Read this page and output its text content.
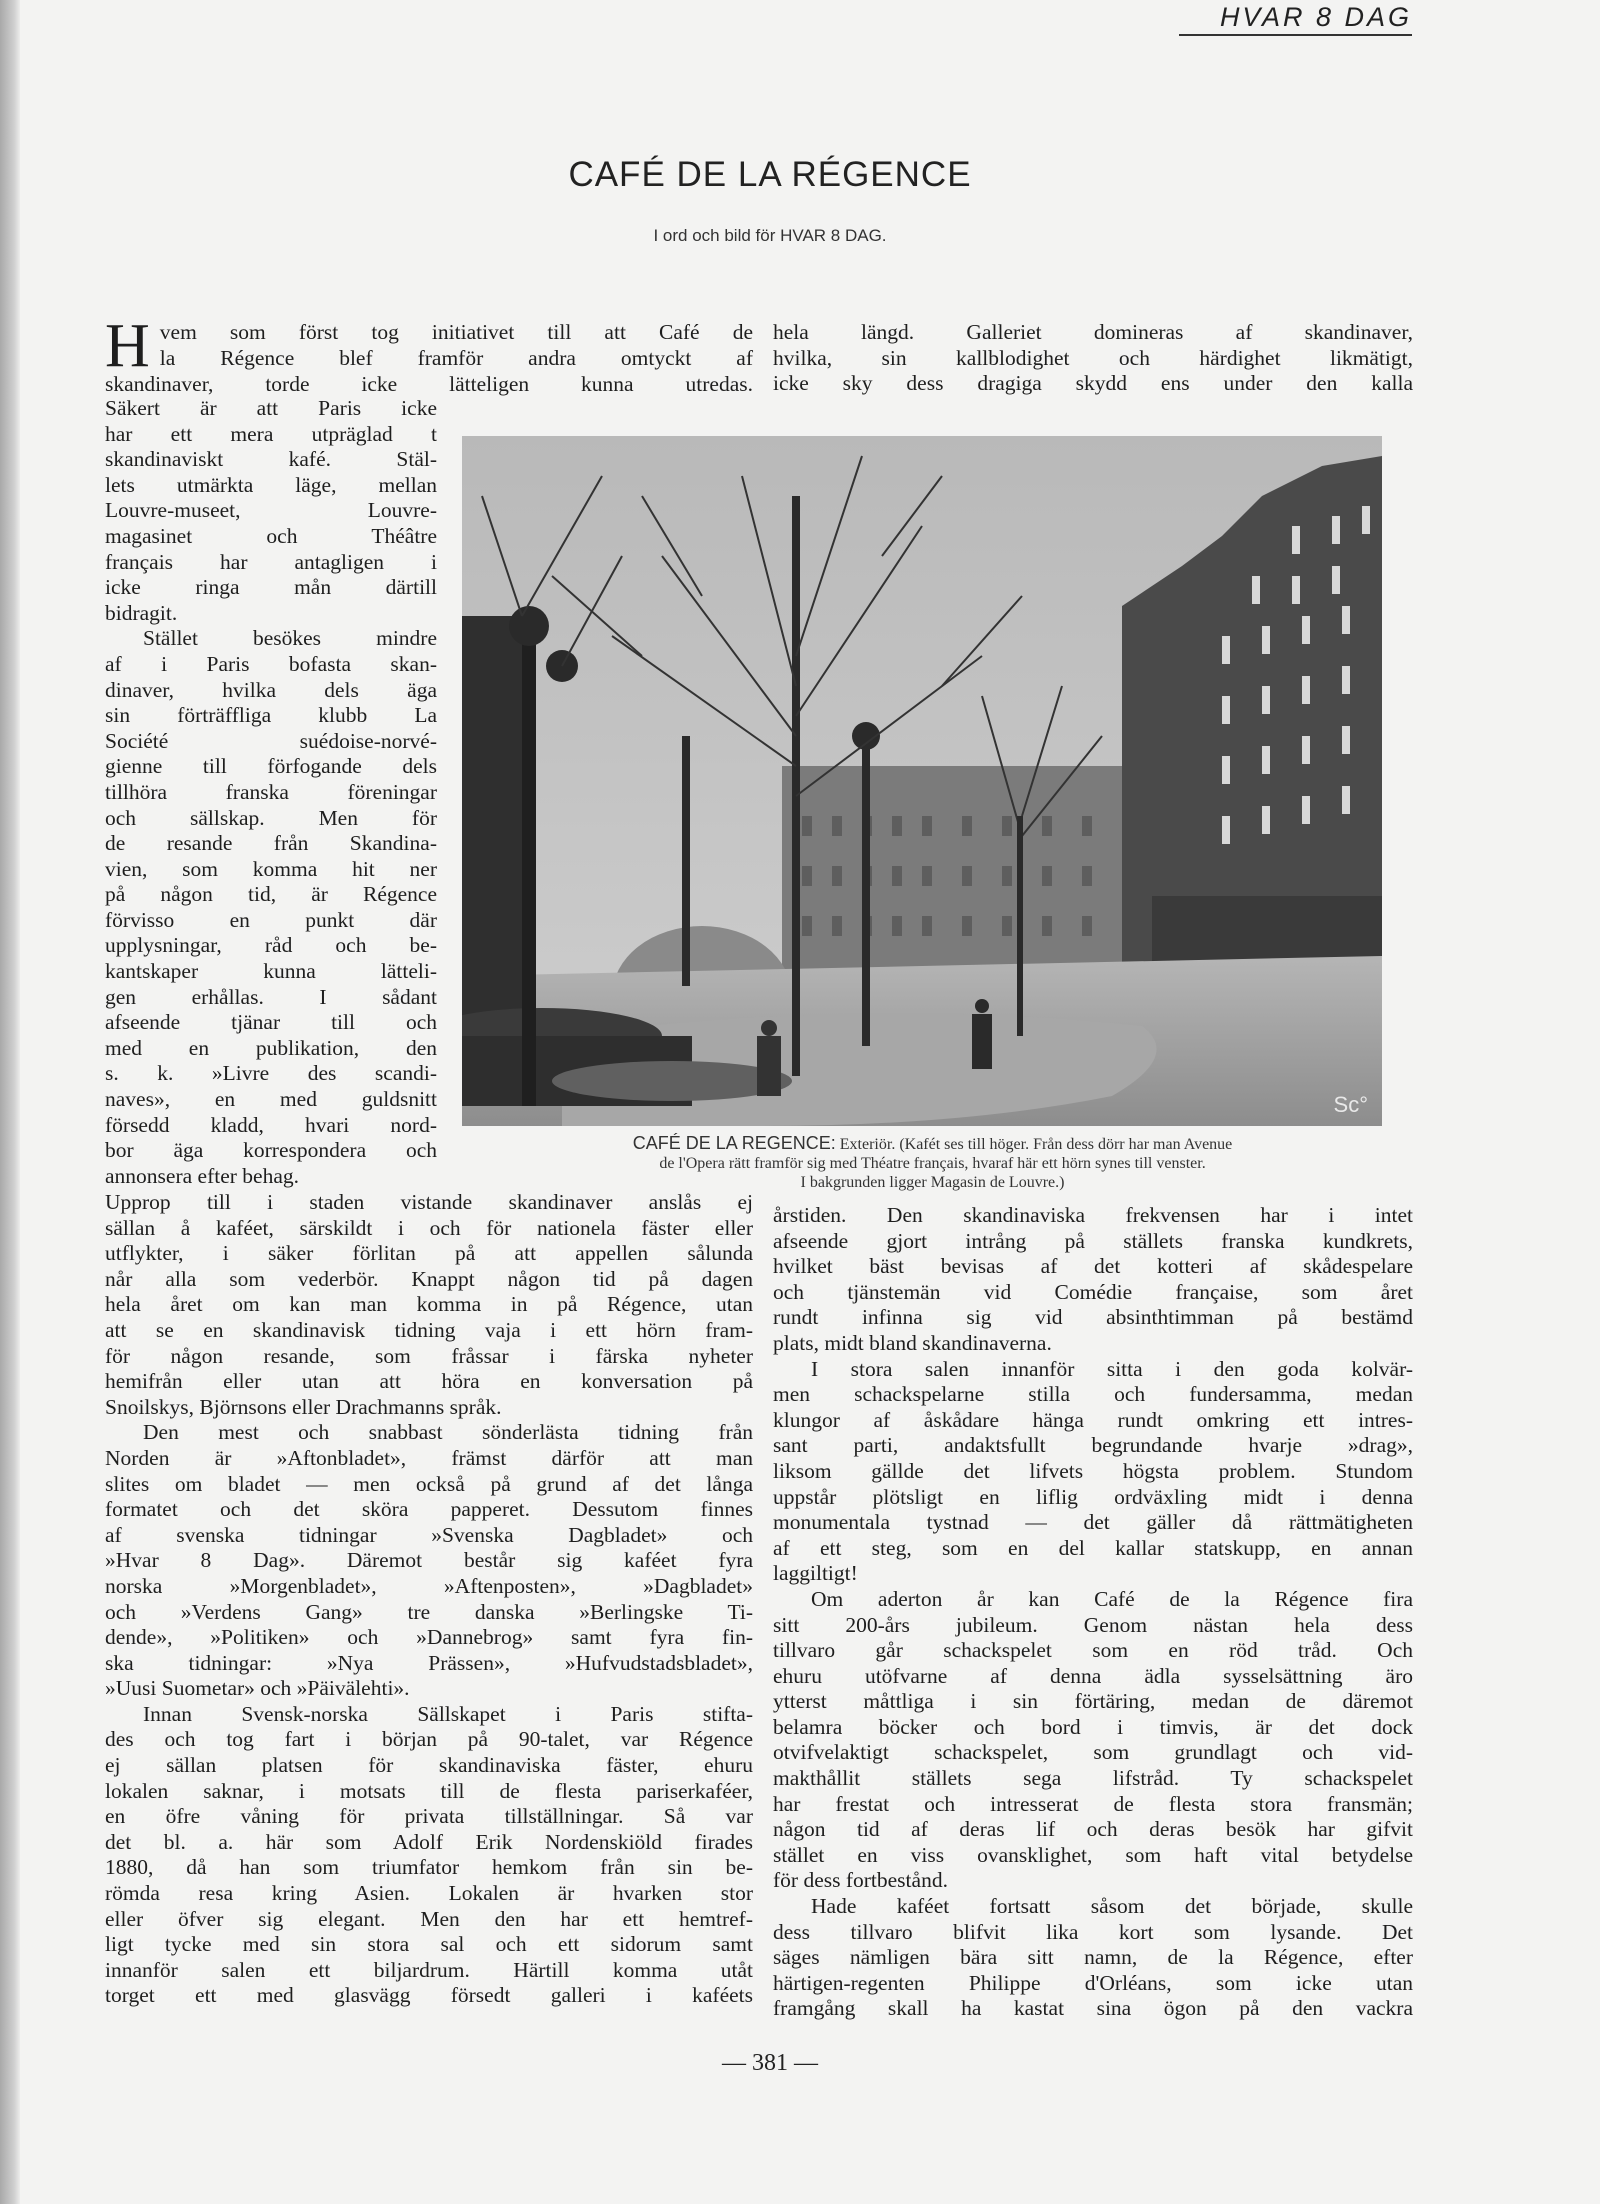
HVAR 8 DAG
CAFÉ DE LA RÉGENCE
I ord och bild för HVAR 8 DAG.
H vem som först tog initiativet till att Café de
la Régence blef framför andra omtyckt af
skandinaver, torde icke lätteligen kunna utredas.
Säkert är att Paris icke
har ett mera utpräglad t
skandinaviskt kafé. Stäl-
lets utmärkta läge, mellan
Louvre-museet, Louvre-
magasinet och Théâtre
français har antagligen i
icke ringa mån därtill
bidragit.
Stället besökes mindre
af i Paris bofasta skan-
dinaver, hvilka dels äga
sin förträffliga klubb La
Société suédoise-norvé-
gienne till förfogande dels
tillhöra franska föreningar
och sällskap. Men för
de resande från Skandina-
vien, som komma hit ner
på någon tid, är Régence
förvisso en punkt där
upplysningar, råd och be-
kantskaper kunna lätteli-
gen erhållas. I sådant
afseende tjänar till och
med en publikation, den
s. k. »Livre des scandi-
naves», en med guldsnitt
försedd kladd, hvari nord-
bor äga korrespondera och
annonsera efter behag.
Sc°
CAFÉ DE LA REGENCE: Exteriör. (Kafét ses till höger. Från dess dörr har man Avenue
de l'Opera rätt framför sig med Théatre français, hvaraf här ett hörn synes till venster.
I bakgrunden ligger Magasin de Louvre.)
Upprop till i staden vistande skandinaver anslås ej
sällan å kaféet, särskildt i och för nationela fäster eller
utflykter, i säker förlitan på att appellen sålunda
når alla som vederbör. Knappt någon tid på dagen
hela året om kan man komma in på Régence, utan
att se en skandinavisk tidning vaja i ett hörn fram-
för någon resande, som fråssar i färska nyheter
hemifrån eller utan att höra en konversation på
Snoilskys, Björnsons eller Drachmanns språk.
Den mest och snabbast sönderlästa tidning från
Norden är »Aftonbladet», främst därför att man
slites om bladet — men också på grund af det långa
formatet och det sköra papperet. Dessutom finnes
af svenska tidningar »Svenska Dagbladet» och
»Hvar 8 Dag». Däremot består sig kaféet fyra
norska »Morgenbladet», »Aftenposten», »Dagbladet»
och »Verdens Gang» tre danska »Berlingske Ti-
dende», »Politiken» och »Dannebrog» samt fyra fin-
ska tidningar: »Nya Prässen», »Hufvudstadsbladet»,
»Uusi Suometar» och »Päivälehti».
Innan Svensk-norska Sällskapet i Paris stifta-
des och tog fart i början på 90-talet, var Régence
ej sällan platsen för skandinaviska fäster, ehuru
lokalen saknar, i motsats till de flesta pariserkaféer,
en öfre våning för privata tillställningar. Så var
det bl. a. här som Adolf Erik Nordenskiöld firades
1880, då han som triumfator hemkom från sin be-
römda resa kring Asien. Lokalen är hvarken stor
eller öfver sig elegant. Men den har ett hemtref-
ligt tycke med sin stora sal och ett sidorum samt
innanför salen ett biljardrum. Härtill komma utåt
torget ett med glasvägg försedt galleri i kaféets
hela längd. Galleriet domineras af skandinaver,
hvilka, sin kallblodighet och härdighet likmätigt,
icke sky dess dragiga skydd ens under den kalla
årstiden. Den skandinaviska frekvensen har i intet
afseende gjort intrång på ställets franska kundkrets,
hvilket bäst bevisas af det kotteri af skådespelare
och tjänstemän vid Comédie française, som året
rundt infinna sig vid absinthtimman på bestämd
plats, midt bland skandinaverna.
I stora salen innanför sitta i den goda kolvär-
men schackspelarne stilla och fundersamma, medan
klungor af åskådare hänga rundt omkring ett intres-
sant parti, andaktsfullt begrundande hvarje »drag»,
liksom gällde det lifvets högsta problem. Stundom
uppstår plötsligt en liflig ordväxling midt i denna
monumentala tystnad — det gäller då rättmätigheten
af ett steg, som en del kallar statskupp, en annan
laggiltigt!
Om aderton år kan Café de la Régence fira
sitt 200-års jubileum. Genom nästan hela dess
tillvaro går schackspelet som en röd tråd. Och
ehuru utöfvarne af denna ädla sysselsättning äro
ytterst måttliga i sin förtäring, medan de däremot
belamra böcker och bord i timvis, är det dock
otvifvelaktigt schackspelet, som grundlagt och vid-
makthållit ställets sega lifstråd. Ty schackspelet
har frestat och intresserat de flesta stora fransmän;
någon tid af deras lif och deras besök har gifvit
stället en viss ovansklighet, som haft vital betydelse
för dess fortbestånd.
Hade kaféet fortsatt såsom det började, skulle
dess tillvaro blifvit lika kort som lysande. Det
säges nämligen bära sitt namn, de la Régence, efter
härtigen-regenten Philippe d'Orléans, som icke utan
framgång skall ha kastat sina ögon på den vackra
— 381 —
